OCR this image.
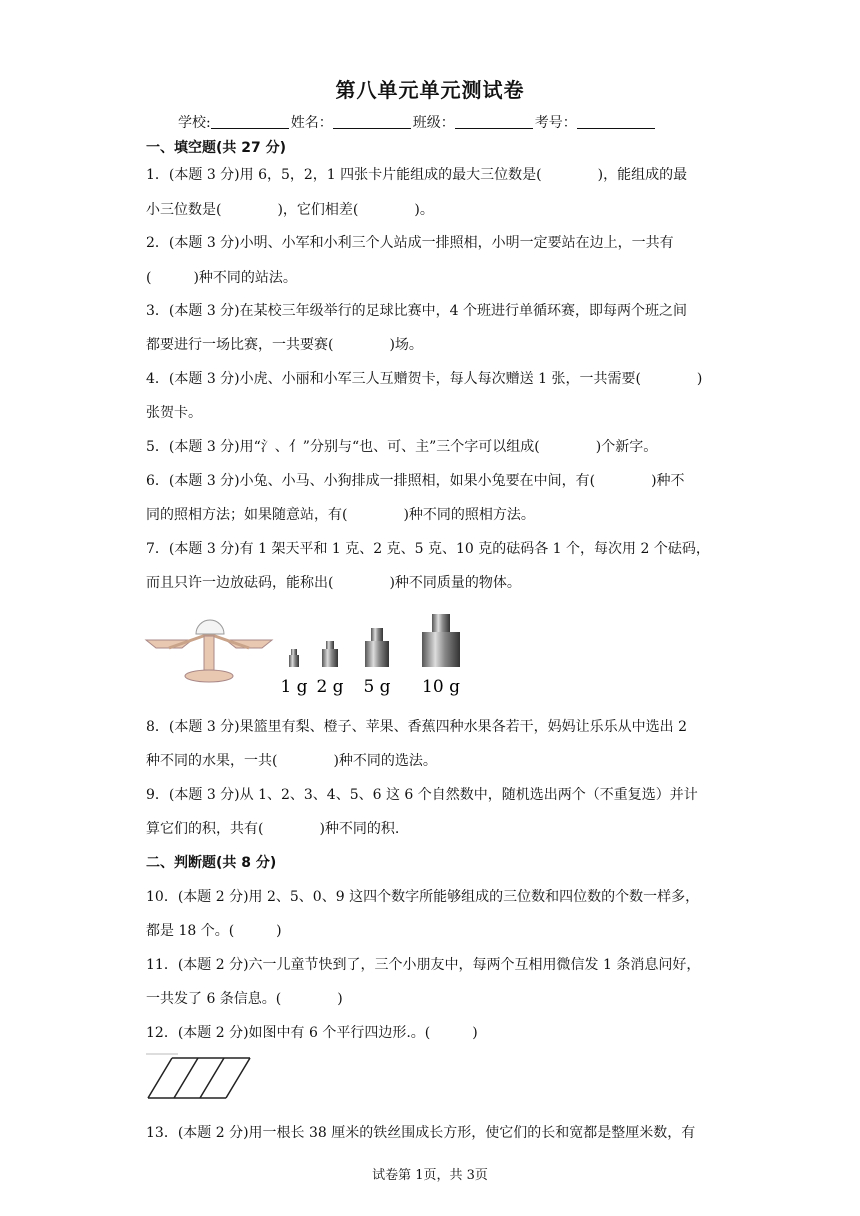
第八单元单元测试卷
学校:	姓名：	班级：	考号：
一、填空题(共 27 分)
1．(本题 3 分)用 6，5，2，1 四张卡片能组成的最大三位数是(　　　　)，能组成的最
小三位数是(　　　　)，它们相差(　　　　)。
2．(本题 3 分)小明、小军和小利三个人站成一排照相，小明一定要站在边上，一共有
(　　　)种不同的站法。
3．(本题 3 分)在某校三年级举行的足球比赛中，4 个班进行单循环赛，即每两个班之间
都要进行一场比赛，一共要赛(　　　　)场。
4．(本题 3 分)小虎、小丽和小军三人互赠贺卡，每人每次赠送 1 张，一共需要(　　　　)
张贺卡。
5．(本题 3 分)用“氵、亻”分别与“也、可、主”三个字可以组成(　　　　)个新字。
6．(本题 3 分)小兔、小马、小狗排成一排照相，如果小兔要在中间，有(　　　　)种不
同的照相方法；如果随意站，有(　　　　)种不同的照相方法。
7．(本题 3 分)有 1 架天平和 1 克、2 克、5 克、10 克的砝码各 1 个，每次用 2 个砝码，
而且只许一边放砝码，能称出(　　　　)种不同质量的物体。
1 g 2 g 5 g 10 g
8．(本题 3 分)果篮里有梨、橙子、苹果、香蕉四种水果各若干，妈妈让乐乐从中选出 2
种不同的水果，一共(　　　　)种不同的选法。
9．(本题 3 分)从 1、2、3、4、5、6 这 6 个自然数中，随机选出两个（不重复选）并计
算它们的积，共有(　　　　)种不同的积.
二、判断题(共 8 分)
10．(本题 2 分)用 2、5、0、9 这四个数字所能够组成的三位数和四位数的个数一样多，
都是 18 个。(　　　)
11．(本题 2 分)六一儿童节快到了，三个小朋友中，每两个互相用微信发 1 条消息问好，
一共发了 6 条信息。(　　　　)
12．(本题 2 分)如图中有 6 个平行四边形.。(　　　)
13．(本题 2 分)用一根长 38 厘米的铁丝围成长方形，使它们的长和宽都是整厘米数，有
试卷第 1页，共 3页
